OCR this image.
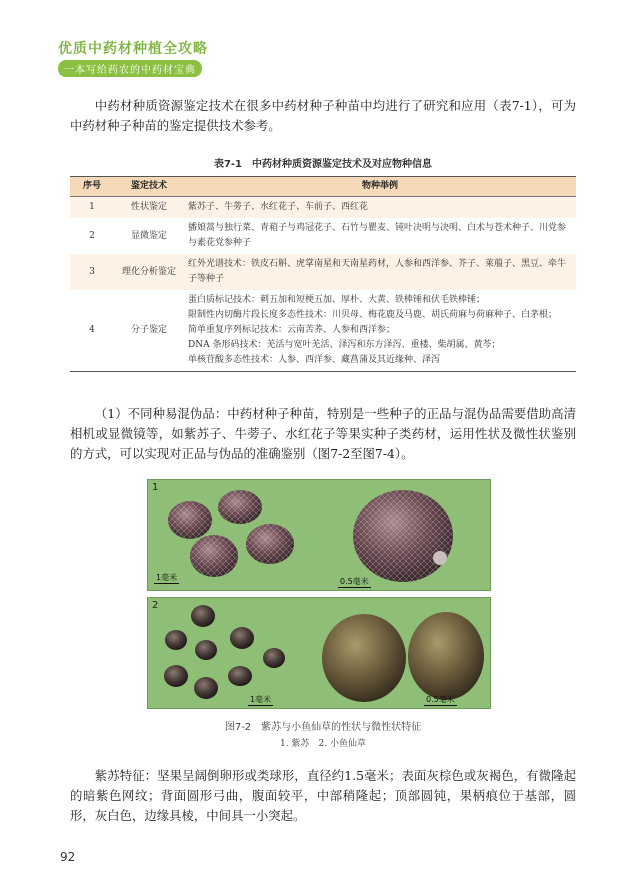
优质中药材种植全攻略
一本写给药农的中药材宝典

中药材种质资源鉴定技术在很多中药材种子种苗中均进行了研究和应用（表7-1），可为中药材种子种苗的鉴定提供技术参考。

表7-1　中药材种质资源鉴定技术及对应物种信息
序号	鉴定技术	物种举例
1	性状鉴定	紫苏子、牛蒡子、水红花子、车前子、西红花

2	显微鉴定	播娘蒿与独行菜、青葙子与鸡冠花子、石竹与瞿麦、钝叶决明与决明、白术与苍术种子、川党参与素花党参种子

3	理化分析鉴定	红外光谱技术：铁皮石斛、虎掌南星和天南星药材，人参和西洋参、芥子、莱菔子、黑豆、牵牛子等种子

4	分子鉴定	蛋白质标记技术：刺五加和短梗五加、厚朴、大黄、铁棒锤和伏毛铁棒锤；
限制性内切酶片段长度多态性技术：川贝母、梅花鹿及马鹿、胡氏荷麻与荷麻种子、白茅根；
简单重复序列标记技术：云南苦荞、人参和西洋参；
DNA 条形码技术：羌活与宽叶羌活、泽泻和东方泽泻、重楼、柴胡属、黄芩；
单核苷酸多态性技术：人参、西洋参、藏菖蒲及其近缘种、泽泻

（1）不同种易混伪品：中药材种子种苗，特别是一些种子的正品与混伪品需要借助高清相机或显微镜等，如紫苏子、牛蒡子、水红花子等果实种子类药材，运用性状及微性状鉴别的方式，可以实现对正品与伪品的准确鉴别（图7-2至图7-4）。

1
1毫米	0.5毫米
2
1毫米	0.5毫米
图7-2　紫苏与小鱼仙草的性状与微性状特征
1. 紫苏　2. 小鱼仙草

紫苏特征：坚果呈阔倒卵形或类球形，直径约1.5毫米；表面灰棕色或灰褐色，有微隆起的暗紫色网纹；背面圆形弓曲，腹面较平，中部稍隆起；顶部圆钝，果柄痕位于基部，圆形，灰白色，边缘具棱，中间具一小突起。

92
